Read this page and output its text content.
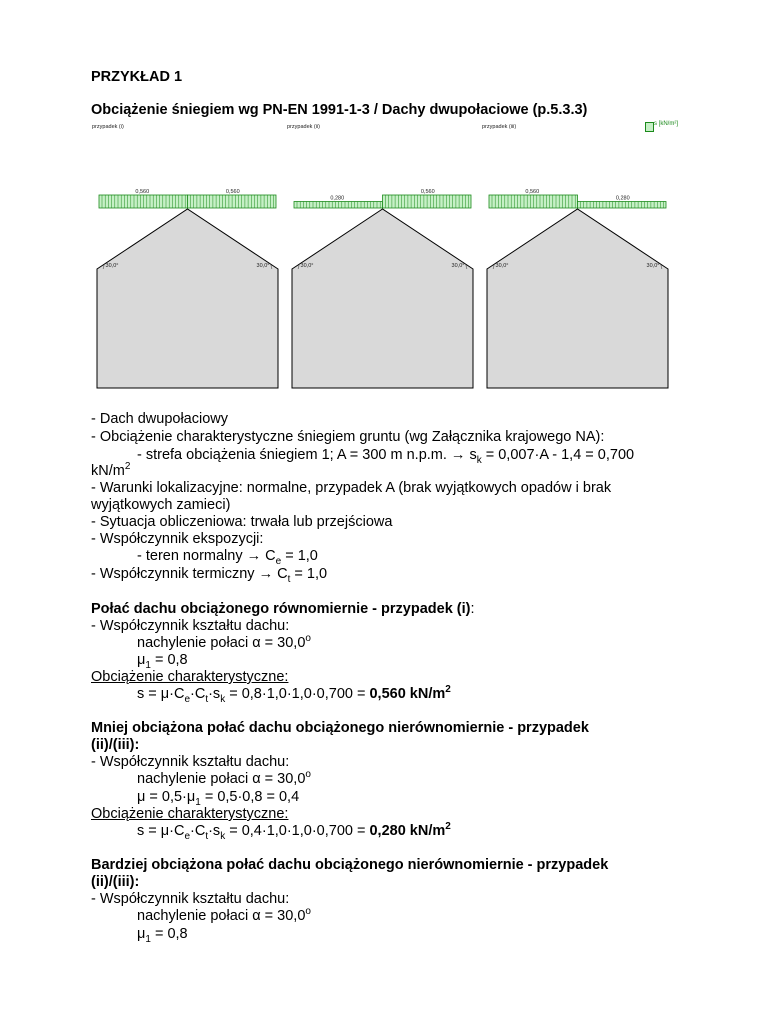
PRZYKŁAD 1
Obciążenie śniegiem wg PN-EN 1991-1-3 / Dachy dwupołaciowe (p.5.3.3)
przypadek (i)
0,560	0,560
30,0°	30,0°
przypadek (ii)
0,280
0,560
30,0°	30,0°
przypadek (iii)
0,560
0,280
30,0°	30,0°
s [kN/m²]
- Dach dwupołaciowy
- Obciążenie charakterystyczne śniegiem gruntu (wg Załącznika krajowego NA):
- strefa obciążenia śniegiem 1; A = 300 m n.p.m. → $s_k = 0,007\cdot A - 1,4 = 0,700$
$kN/m^2$
- Warunki lokalizacyjne: normalne, przypadek A (brak wyjątkowych opadów i brak
wyjątkowych zamieci)
- Sytuacja obliczeniowa: trwała lub przejściowa
- Współczynnik ekspozycji:
- teren normalny → $C_e = 1,0$
- Współczynnik termiczny → $C_t = 1,0$
Połać dachu obciążonego równomiernie - przypadek (i):
- Współczynnik kształtu dachu:
nachylenie połaci $\alpha = 30,0^o$
$\mu_1 = 0,8$
Obciążenie charakterystyczne:
$s = \mu\cdot C_e\cdot C_t\cdot s_k = 0,8\cdot 1,0\cdot 1,0\cdot 0,700 = 0,560$ $kN/m^2$
Mniej obciążona połać dachu obciążonego nierównomiernie - przypadek
(ii)/(iii):
- Współczynnik kształtu dachu:
nachylenie połaci $\alpha = 30,0^o$
$\mu = 0,5\cdot\mu_1 = 0,5\cdot 0,8 = 0,4$
Obciążenie charakterystyczne:
$s = \mu\cdot C_e\cdot C_t\cdot s_k = 0,4\cdot 1,0\cdot 1,0\cdot 0,700 = 0,280$ $kN/m^2$
Bardziej obciążona połać dachu obciążonego nierównomiernie - przypadek
(ii)/(iii):
- Współczynnik kształtu dachu:
nachylenie połaci $\alpha = 30,0^o$
$\mu_1 = 0,8$
